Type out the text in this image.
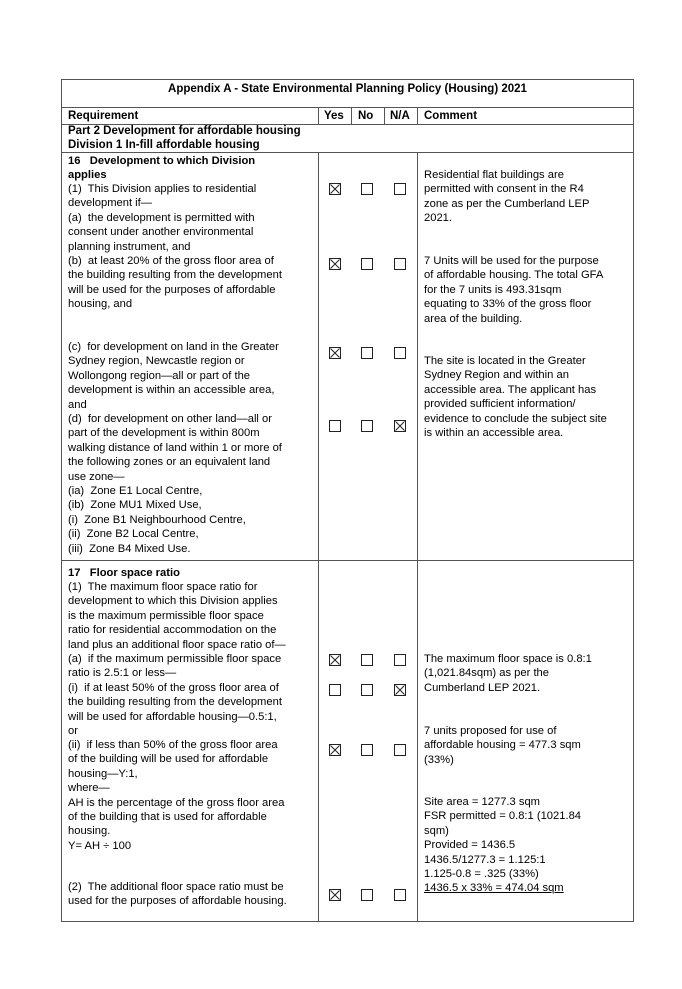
Appendix A - State Environmental Planning Policy (Housing) 2021
Requirement	Yes No N/A Comment
Part 2 Development for affordable housing
Division 1 In-fill affordable housing
16   Development to which Division
applies
(1)  This Division applies to residential
development if—
(a)  the development is permitted with
consent under another environmental
planning instrument, and
(b)  at least 20% of the gross floor area of
the building resulting from the development
will be used for the purposes of affordable
housing, and
(c)  for development on land in the Greater
Sydney region, Newcastle region or
Wollongong region—all or part of the
development is within an accessible area,
and
(d)  for development on other land—all or
part of the development is within 800m
walking distance of land within 1 or more of
the following zones or an equivalent land
use zone—
(ia)  Zone E1 Local Centre,
(ib)  Zone MU1 Mixed Use,
(i)  Zone B1 Neighbourhood Centre,
(ii)  Zone B2 Local Centre,
(iii)  Zone B4 Mixed Use.
Residential flat buildings are
permitted with consent in the R4
zone as per the Cumberland LEP
2021.
7 Units will be used for the purpose
of affordable housing. The total GFA
for the 7 units is 493.31sqm
equating to 33% of the gross floor
area of the building.
The site is located in the Greater
Sydney Region and within an
accessible area. The applicant has
provided sufficient information/
evidence to conclude the subject site
is within an accessible area.
17   Floor space ratio
(1)  The maximum floor space ratio for
development to which this Division applies
is the maximum permissible floor space
ratio for residential accommodation on the
land plus an additional floor space ratio of—
(a)  if the maximum permissible floor space
ratio is 2.5:1 or less—
(i)  if at least 50% of the gross floor area of
the building resulting from the development
will be used for affordable housing—0.5:1,
or
(ii)  if less than 50% of the gross floor area
of the building will be used for affordable
housing—Y:1,
where—
AH is the percentage of the gross floor area
of the building that is used for affordable
housing.
Y= AH ÷ 100
(2)  The additional floor space ratio must be
used for the purposes of affordable housing.
The maximum floor space is 0.8:1
(1,021.84sqm) as per the
Cumberland LEP 2021.
7 units proposed for use of
affordable housing = 477.3 sqm
(33%)
Site area = 1277.3 sqm
FSR permitted = 0.8:1 (1021.84
sqm)
Provided = 1436.5
1436.5/1277.3 = 1.125:1
1.125-0.8 = .325 (33%)
1436.5 x 33% = 474.04 sqm
